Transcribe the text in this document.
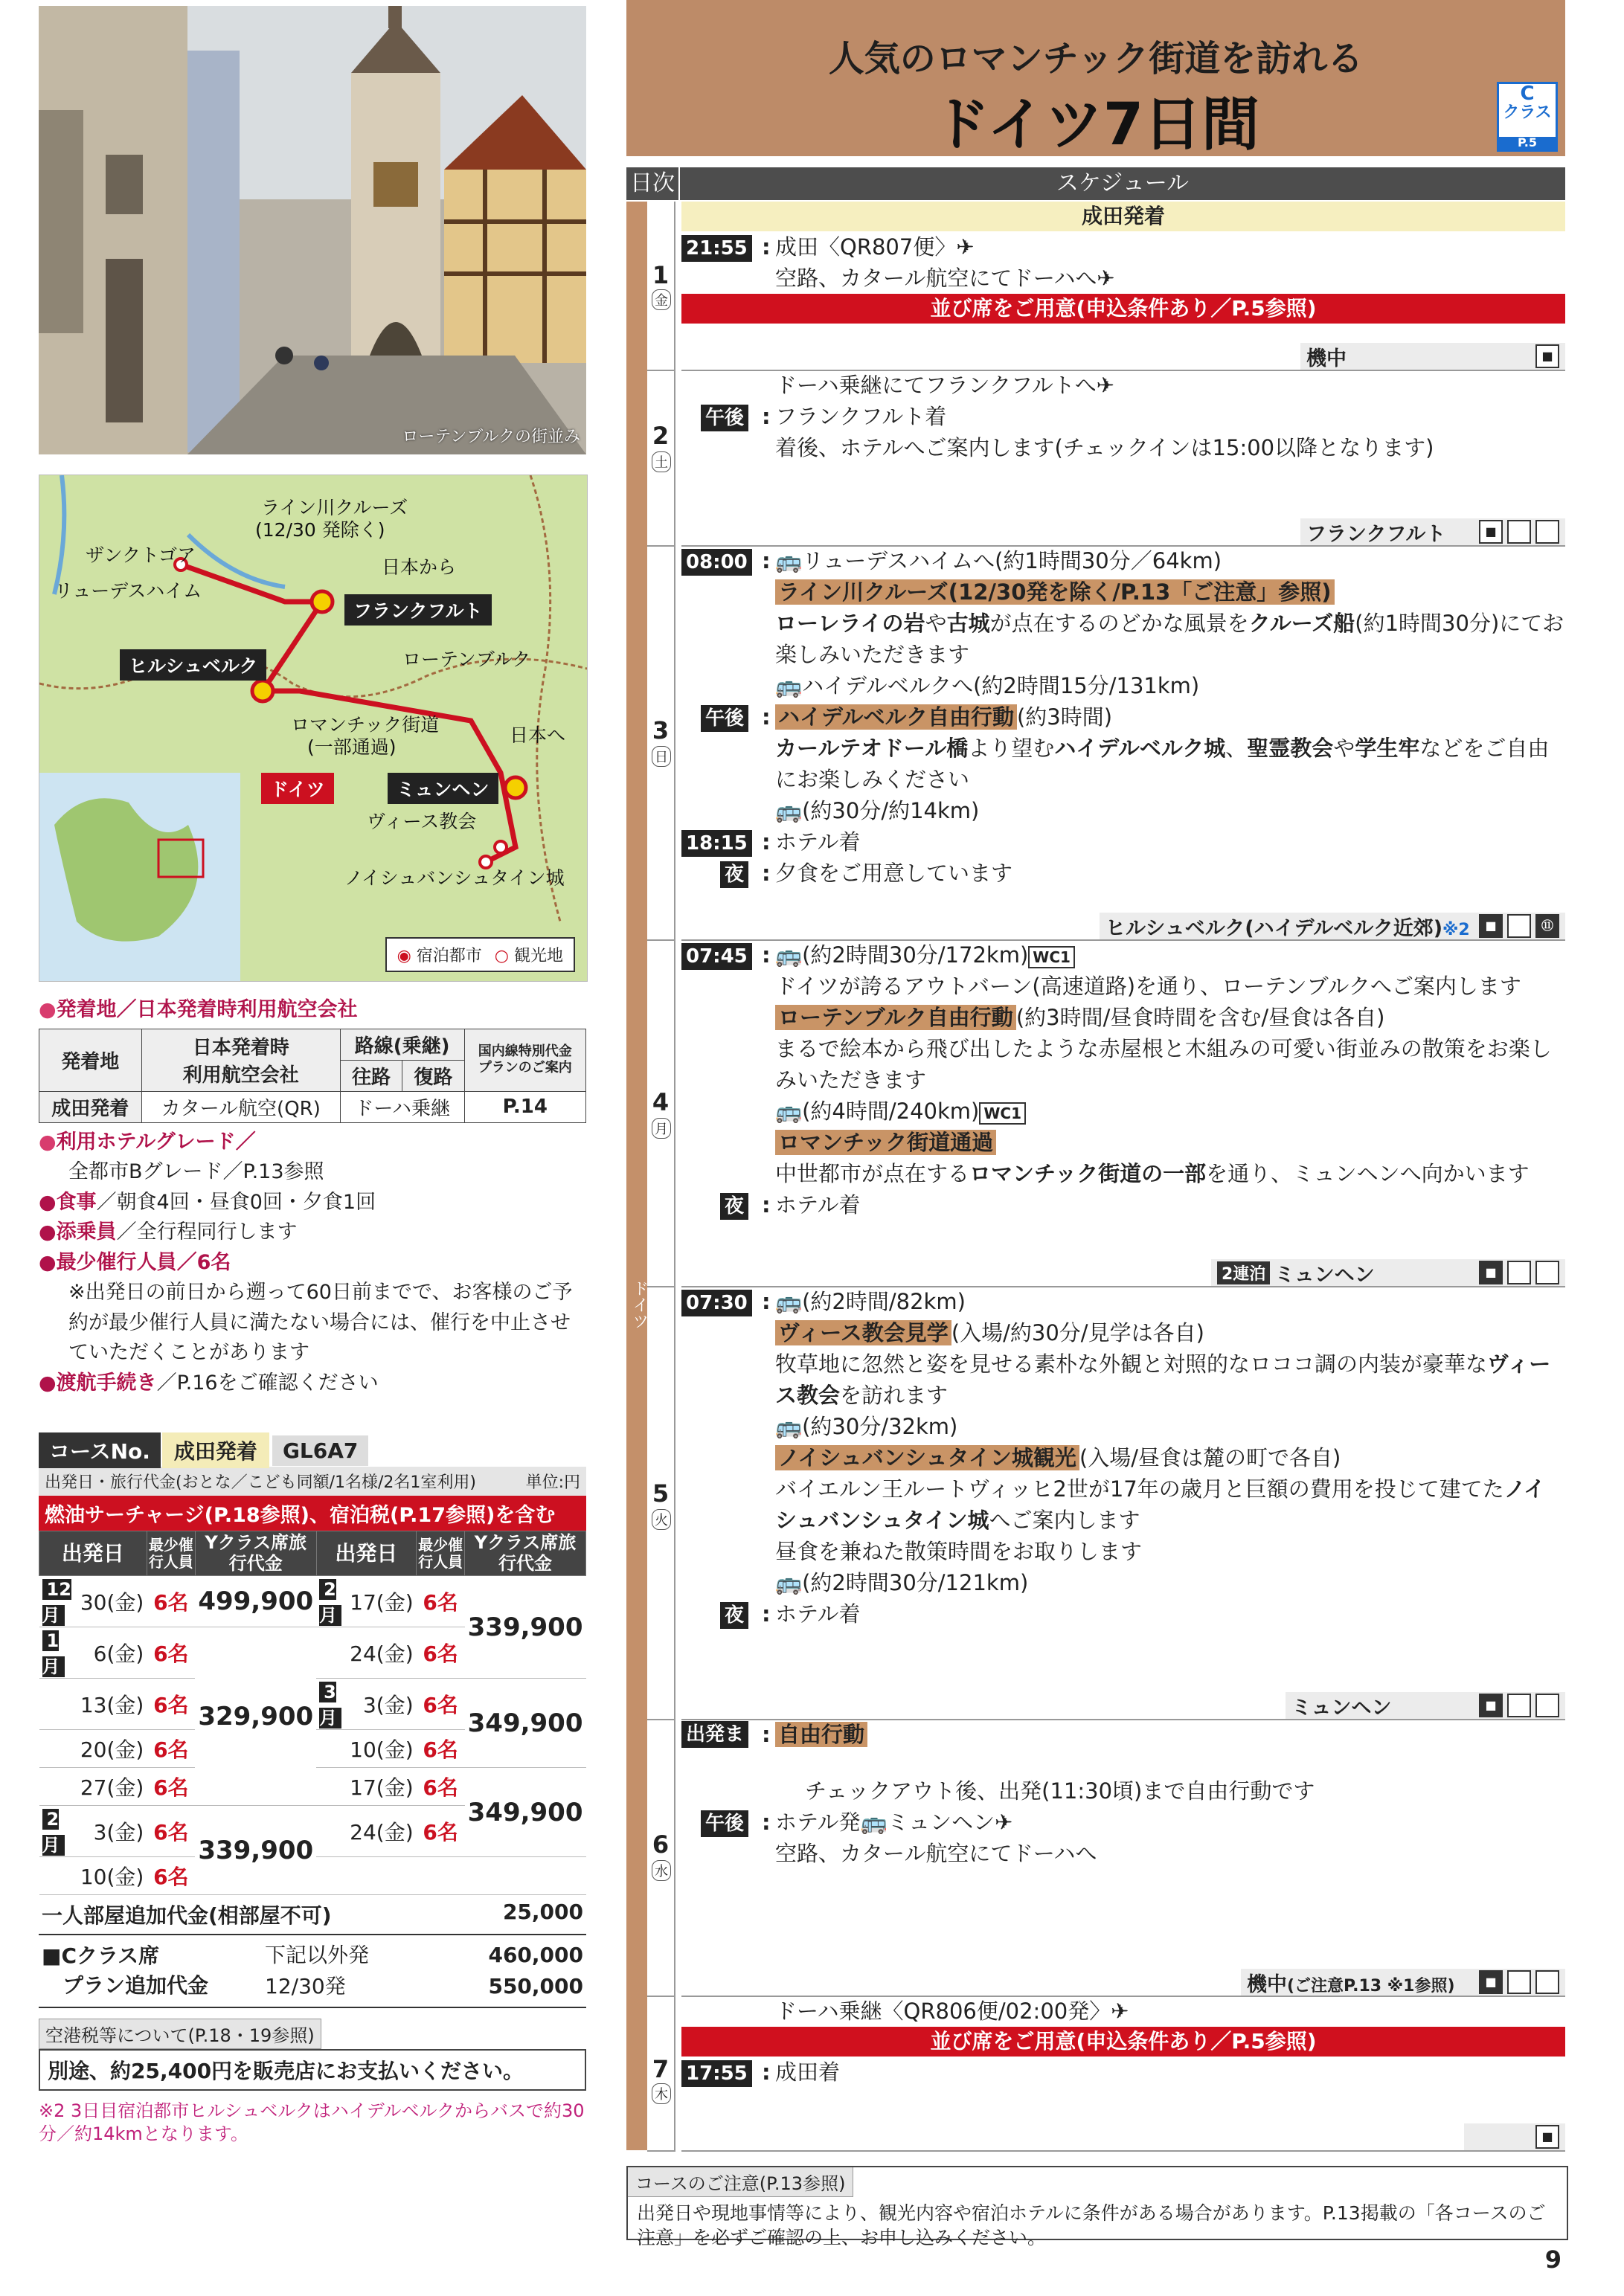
ローテンブルクの街並み
ライン川クルーズ
(12/30 発除く)
ザンクトゴア
リューデスハイム
日本から
フランクフルト
ヒルシュベルク	ローテンブルク
ロマンチック街道
(一部通過)
日本へ
ドイツ	ミュンヘン
ヴィース教会
ノイシュバンシュタイン城
◉ 宿泊都市 ○ 観光地
●発着地／日本発着時利用航空会社
発着地	日本発着時
利用航空会社	路線(乗継)		国内線特別代金
プランのご案内
		往路	復路	
成田発着	カタール航空(QR)	ドーハ乗継		P.14
●利用ホテルグレード／
全都市Bグレード／P.13参照
●食事／朝食4回・昼食0回・夕食1回
●添乗員／全行程同行します
●最少催行人員／6名
※出発日の前日から遡って60日前までで、お客様のご予約が最少催行人員に満たない場合には、催行を中止させていただくことがあります
●渡航手続き／P.16をご確認ください
コースNo.	成田発着	GL6A7
出発日・旅行代金(おとな／こども同額/1名様/2名1室利用)	単位:円
燃油サーチャージ(P.18参照)、宿泊税(P.17参照)を含む
出発日		最少催行人員	Yクラス席旅行代金	出発日		最少催行人員	Yクラス席旅行代金
12月	30(金)	6名	499,900	2月	17(金)	6名	339,900
1月	6(金)	6名	329,900		24(金)	6名	
	13(金)	6名		3月	3(金)	6名	349,900
	20(金)	6名			10(金)	6名	
	27(金)	6名			17(金)	6名	349,900
2月	3(金)	6名	339,900		24(金)	6名	
	10(金)	6名					
一人部屋追加代金(相部屋不可)	25,000
■Cクラス席
　プラン追加代金
下記以外発	460,000
12/30発	550,000
空港税等について(P.18・19参照)
別途、約25,400円を販売店にお支払いください。
※2 3日目宿泊都市ヒルシュベルクはハイデルベルクからバスで約30分／約14kmとなります。
人気のロマンチック街道を訪れる
ドイツ7日間	C
クラス
P.5
日次	スケジュール
ドイツ
1
金
成田発着
21:55 : 成田〈QR807便〉✈
空路、カタール航空にてドーハへ✈
並び席をご用意(申込条件あり／P.5参照)
機中	■
2
土
ドーハ乗継にてフランクフルトへ✈
午後 : フランクフルト着
着後、ホテルへご案内します(チェックインは15:00以降となります)
フランクフルト	■
3
日
08:00 : 🚌リューデスハイムへ(約1時間30分／64km)
ライン川クルーズ(12/30発を除く/P.13「ご注意」参照)
ローレライの岩や古城が点在するのどかな風景をクルーズ船(約1時間30分)にてお楽しみいただきます
🚌ハイデルベルクへ(約2時間15分/131km)
午後 : ハイデルベルク自由行動 (約3時間)
カールテオドール橋より望むハイデルベルク城、聖霊教会や学生牢などをご自由にお楽しみください
🚌(約30分/約14km)
18:15 : ホテル着
夜 : 夕食をご用意しています
ヒルシュベルク(ハイデルベルク近郊)※2	■	⑪
4
月
07:45 : 🚌(約2時間30分/172km) WC1
ドイツが誇るアウトバーン(高速道路)を通り、ローテンブルクへご案内します
ローテンブルク自由行動 (約3時間/昼食時間を含む/昼食は各自)
まるで絵本から飛び出したような赤屋根と木組みの可愛い街並みの散策をお楽しみいただきます
🚌(約4時間/240km) WC1
ロマンチック街道通過
中世都市が点在するロマンチック街道の一部を通り、ミュンヘンへ向かいます
夜 : ホテル着
2連泊 ミュンヘン	■
5
火
07:30 : 🚌(約2時間/82km)
ヴィース教会見学 (入場/約30分/見学は各自)
牧草地に忽然と姿を見せる素朴な外観と対照的なロココ調の内装が豪華なヴィース教会を訪れます
🚌(約30分/32km)
ノイシュバンシュタイン城観光 (入場/昼食は麓の町で各自)
バイエルン王ルートヴィッヒ2世が17年の歳月と巨額の費用を投じて建てたノイシュバンシュタイン城へご案内します
昼食を兼ねた散策時間をお取りします
🚌(約2時間30分/121km)
夜 : ホテル着
ミュンヘン	■
6
水
出発まで
: 自由行動
チェックアウト後、出発(11:30頃)まで自由行動です
午後 : ホテル発🚌ミュンヘン✈
空路、カタール航空にてドーハへ
機中(ご注意P.13 ※1参照)	■
7
木
ドーハ乗継〈QR806便/02:00発〉✈
並び席をご用意(申込条件あり／P.5参照)
17:55 : 成田着
■
コースのご注意(P.13参照)
出発日や現地事情等により、観光内容や宿泊ホテルに条件がある場合があります。P.13掲載の「各コースのご注意」を必ずご確認の上、お申し込みください。
9
